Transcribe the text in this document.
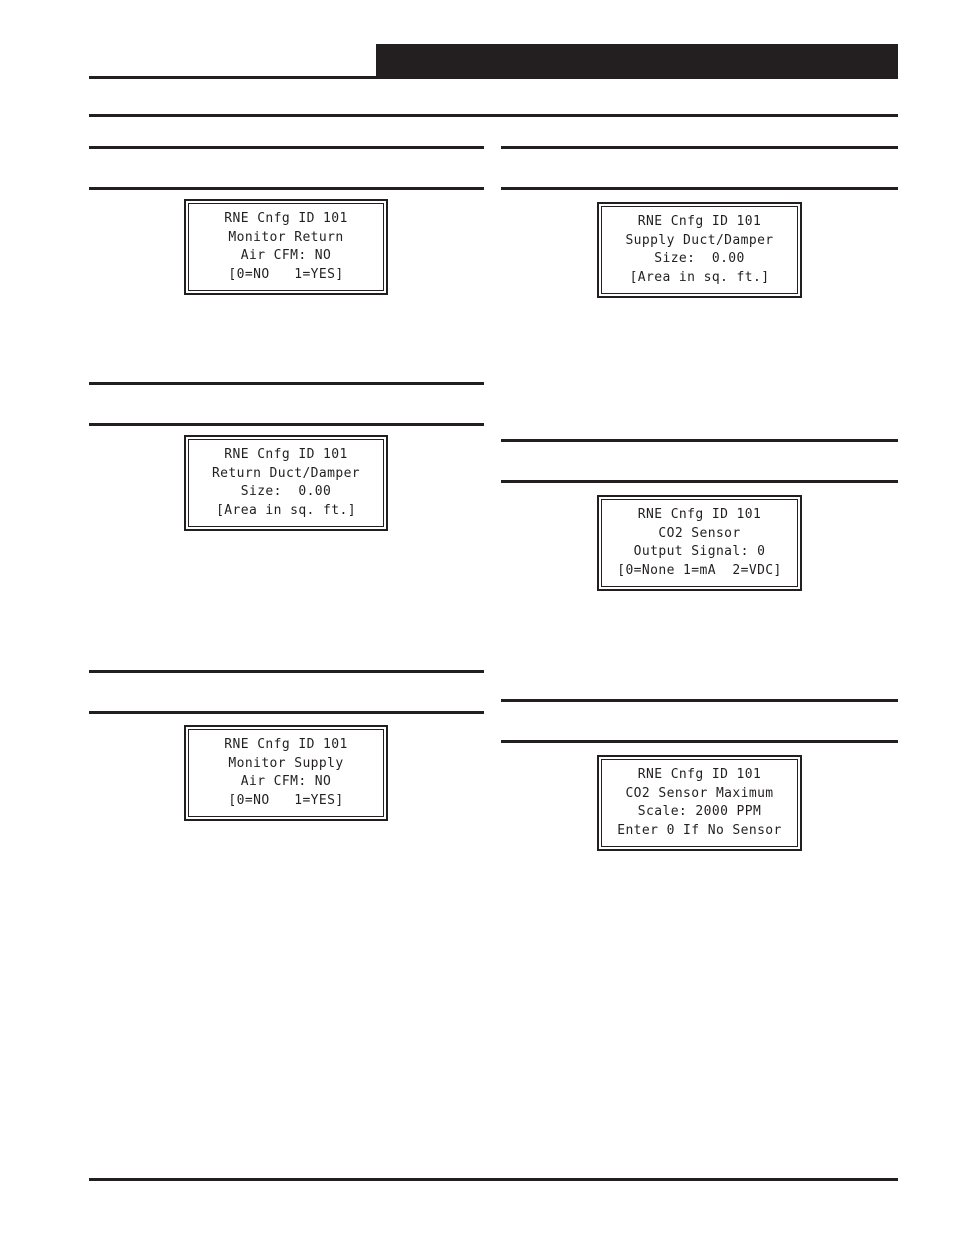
RNE Cnfg ID 101
Monitor Return
Air CFM: NO
[0=NO   1=YES]
RNE Cnfg ID 101
Return Duct/Damper
Size:  0.00
[Area in sq. ft.]
RNE Cnfg ID 101
Monitor Supply
Air CFM: NO
[0=NO   1=YES]
RNE Cnfg ID 101
Supply Duct/Damper
Size:  0.00
[Area in sq. ft.]
RNE Cnfg ID 101
CO2 Sensor
Output Signal: 0
[0=None 1=mA  2=VDC]
RNE Cnfg ID 101
CO2 Sensor Maximum
Scale: 2000 PPM
Enter 0 If No Sensor
